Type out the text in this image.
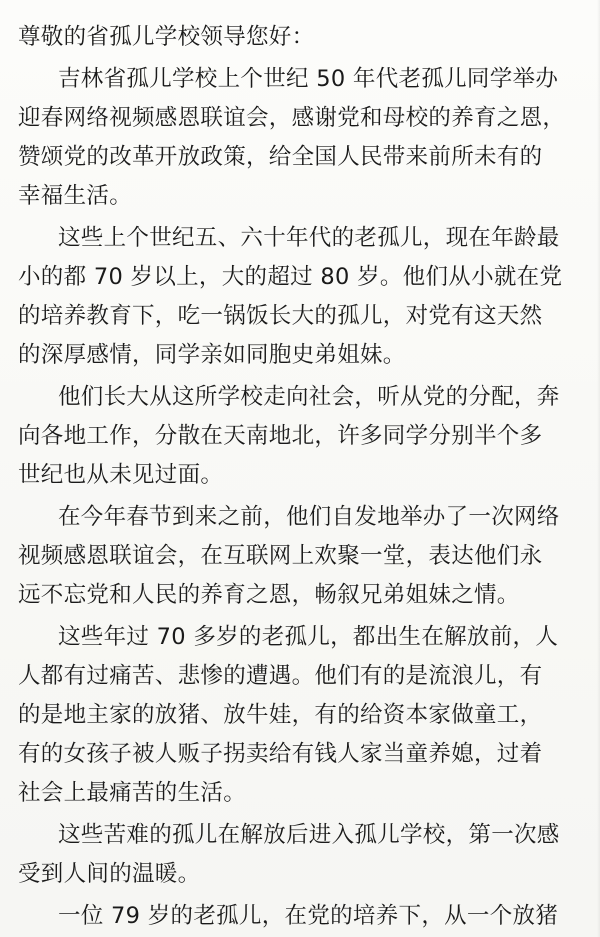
尊敬的省孤儿学校领导您好：
吉林省孤儿学校上个世纪 50 年代老孤儿同学举办
迎春网络视频感恩联谊会，感谢党和母校的养育之恩，
赞颂党的改革开放政策，给全国人民带来前所未有的
幸福生活。
这些上个世纪五、六十年代的老孤儿，现在年龄最
小的都 70 岁以上，大的超过 80 岁。他们从小就在党
的培养教育下，吃一锅饭长大的孤儿，对党有这天然
的深厚感情，同学亲如同胞史弟姐妹。
他们长大从这所学校走向社会，听从党的分配，奔
向各地工作，分散在天南地北，许多同学分别半个多
世纪也从未见过面。
在今年春节到来之前，他们自发地举办了一次网络
视频感恩联谊会，在互联网上欢聚一堂，表达他们永
远不忘党和人民的养育之恩，畅叙兄弟姐妹之情。
这些年过 70 多岁的老孤儿，都出生在解放前，人
人都有过痛苦、悲惨的遭遇。他们有的是流浪儿，有
的是地主家的放猪、放牛娃，有的给资本家做童工，
有的女孩子被人贩子拐卖给有钱人家当童养媳，过着
社会上最痛苦的生活。
这些苦难的孤儿在解放后进入孤儿学校，第一次感
受到人间的温暖。
一位 79 岁的老孤儿，在党的培养下，从一个放猪
